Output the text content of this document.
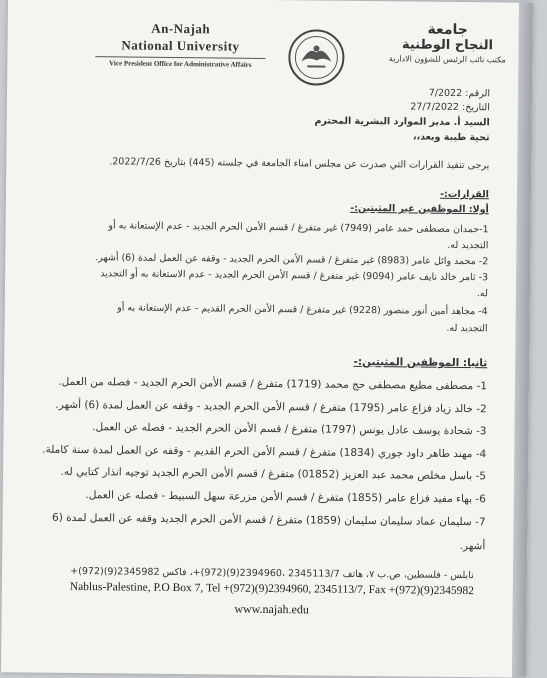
An-Najah
National University
Vice President Office for Administrative Affairs
جامعة
النجاح الوطنية
مكتب نائب الرئيس للشؤون الادارية
الرقم: 7/2022
التاريخ: 27/7/2022
السيد أ. مدير الموارد البشرية المحترم
تحية طيبة وبعد،،
يرجى تنفيذ القرارات التي صدرت عن مجلس امناء الجامعة في جلسته (445) بتاريخ 2022/7/26.
القرارات:-
أولا: الموظفين غير المثبتين:-
1-حمدان مصطفى حمد عامر (7949) غير متفرغ / قسم الأمن الحرم الجديد - عدم الإستعانة به أو
التجديد له.
2- محمد وائل عامر (8983) غير متفرغ / قسم الأمن الحرم الجديد - وقفه عن العمل لمدة (6) أشهر.
3- ثامر خالد نايف عامر (9094) غير متفرغ / قسم الأمن الحرم الجديد - عدم الاستعانة به أو التجديد
له.
4- مجاهد أمين أنور منصور (9228) غير متفرغ / قسم الأمن الحرم القديم - عدم الإستعانة به أو
التجديد له.
ثانيا: الموظفين المثبتين:-
1- مصطفى مطيع مصطفى حج محمد (1719) متفرغ / قسم الأمن الحرم الجديد - فصله من العمل.
2- خالد زياد فزاع عامر (1795) متفرغ / قسم الأمن الحرم الجديد - وقفه عن العمل لمدة (6) أشهر.
3- شحادة يوسف عادل يونس (1797) متفرغ / قسم الأمن الحرم الجديد - فصله عن العمل.
4- مهند طاهر داود جوري (1834) متفرغ / قسم الأمن الحرم القديم - وقفه عن العمل لمدة سنة كاملة.
5- باسل مخلص محمد عبد العزيز (01852) متفرغ / قسم الأمن الحرم الجديد توجيه انذار كتابي له.
6- بهاء مفيد فزاع عامر (1855) متفرغ / قسم الأمن مزرعة سهل السبيط - فصله عن العمل.
7- سليمان عماد سليمان سليمان (1859) متفرغ / قسم الأمن الحرم الجديد وقفه عن العمل لمدة (6
أشهر.
نابلس - فلسطين، ص.ب ٧، هاتف 2345113/7 ،2394960(9)(972)+، فاكس 2345982(9)(972)+
Nablus-Palestine, P.O Box 7, Tel +(972)(9)2394960, 2345113/7, Fax +(972)(9)2345982
www.najah.edu
